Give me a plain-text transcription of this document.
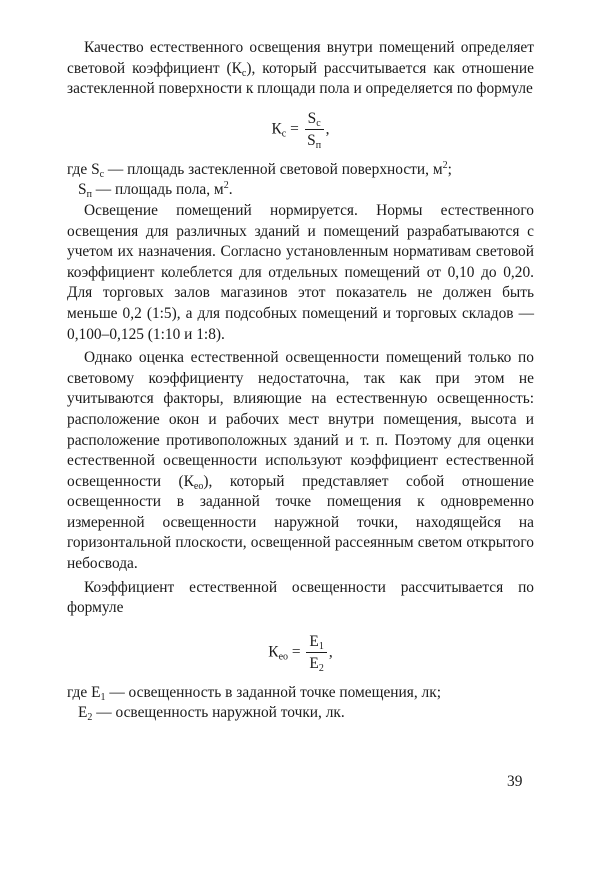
Качество естественного освещения внутри помещений определяет световой коэффициент $(К_с)$, который рассчитывается как отношение застекленной поверхности к площади пола и определяется по формуле

$К_с = \frac{S_с}{S_п}$ ,

где $S_с$ — площадь застекленной световой поверхности, $м^2$;

$S_п$ — площадь пола, $м^2$.

Освещение помещений нормируется. Нормы естественного освещения для различных зданий и помещений разрабатываются с учетом их назначения. Согласно установленным нормативам световой коэффициент колеблется для отдельных помещений от 0,10 до 0,20. Для торговых залов магазинов этот показатель не должен быть меньше 0,2 (1:5), а для подсобных помещений и торговых складов — 0,100–0,125 (1:10 и 1:8).

Однако оценка естественной освещенности помещений только по световому коэффициенту недостаточна, так как при этом не учитываются факторы, влияющие на естественную освещенность: расположение окон и рабочих мест внутри помещения, высота и расположение противоположных зданий и т. п. Поэтому для оценки естественной освещенности используют коэффициент естественной освещенности $(К_{ео})$, который представляет собой отношение освещенности в заданной точке помещения к одновременно измеренной освещенности наружной точки, находящейся на горизонтальной плоскости, освещенной рассеянным светом открытого небосвода.

Коэффициент естественной освещенности рассчитывается по формуле

$К_{ео} = \frac{Е_1}{Е_2}$ ,

где $Е_1$ — освещенность в заданной точке помещения, лк;

$Е_2$ — освещенность наружной точки, лк.

39
